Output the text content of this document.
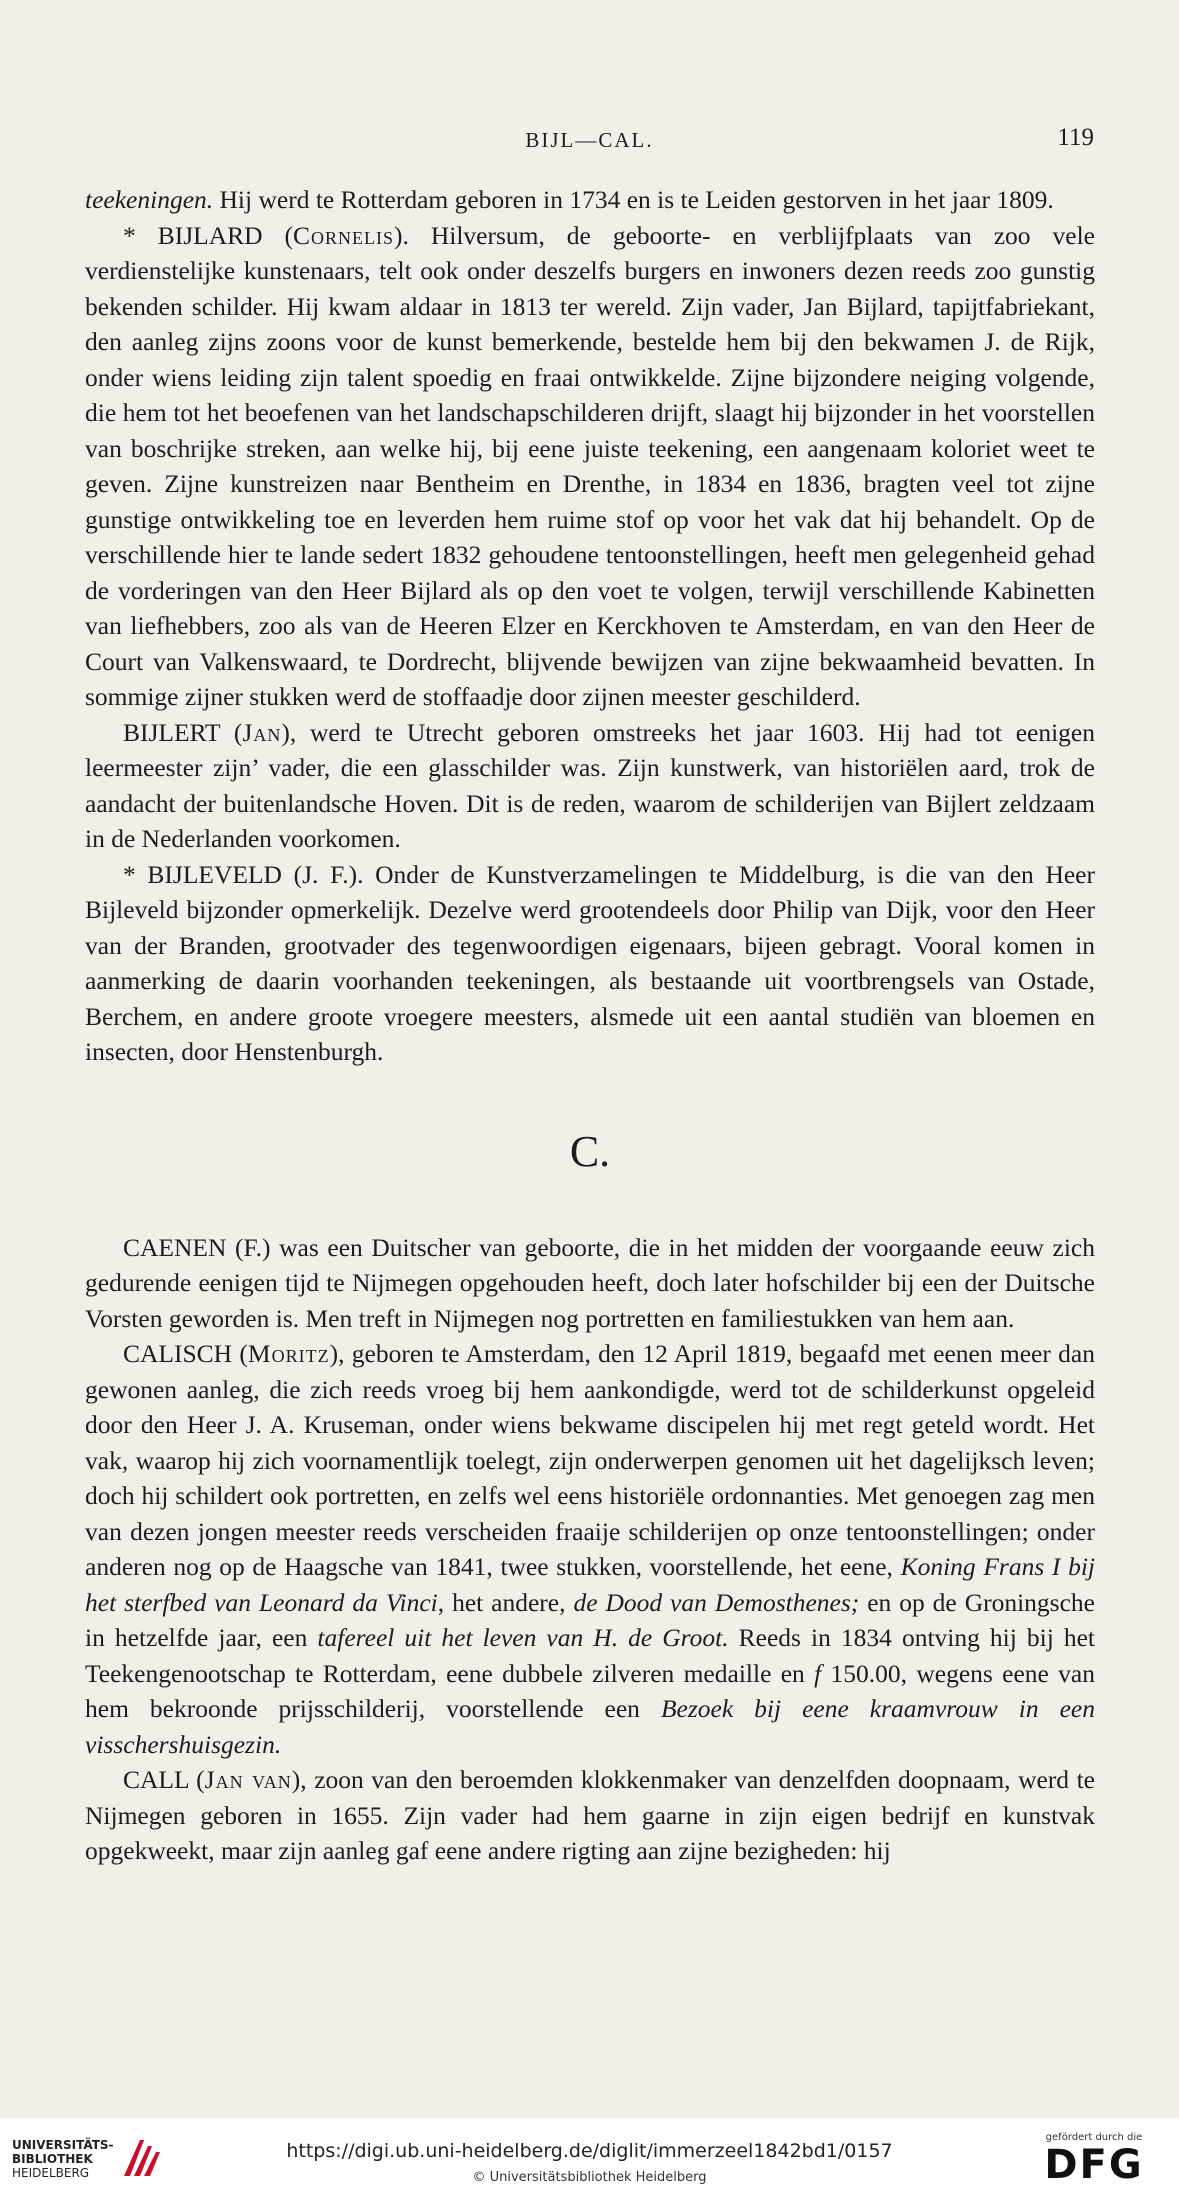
BIJL—CAL.	119

teekeningen. Hij werd te Rotterdam geboren in 1734 en is te Leiden gestorven in het jaar 1809.

* BIJLARD (Cornelis). Hilversum, de geboorte- en verblijfplaats van zoo vele verdienstelijke kunstenaars, telt ook onder deszelfs burgers en inwoners dezen reeds zoo gunstig bekenden schilder. Hij kwam aldaar in 1813 ter wereld. Zijn vader, Jan Bijlard, tapijtfabriekant, den aanleg zijns zoons voor de kunst bemerkende, bestelde hem bij den bekwamen J. de Rijk, onder wiens leiding zijn talent spoedig en fraai ontwikkelde. Zijne bijzondere neiging volgende, die hem tot het beoefenen van het landschapschilderen drijft, slaagt hij bijzonder in het voorstellen van boschrijke streken, aan welke hij, bij eene juiste teekening, een aangenaam koloriet weet te geven. Zijne kunstreizen naar Bentheim en Drenthe, in 1834 en 1836, bragten veel tot zijne gunstige ontwikkeling toe en leverden hem ruime stof op voor het vak dat hij behandelt. Op de verschillende hier te lande sedert 1832 gehoudene tentoonstellingen, heeft men gelegenheid gehad de vorderingen van den Heer Bijlard als op den voet te volgen, terwijl verschillende Kabinetten van liefhebbers, zoo als van de Heeren Elzer en Kerckhoven te Amsterdam, en van den Heer de Court van Valkenswaard, te Dordrecht, blijvende bewijzen van zijne bekwaamheid bevatten. In sommige zijner stukken werd de stoffaadje door zijnen meester geschilderd.

BIJLERT (Jan), werd te Utrecht geboren omstreeks het jaar 1603. Hij had tot eenigen leermeester zijn’ vader, die een glasschilder was. Zijn kunstwerk, van historiëlen aard, trok de aandacht der buitenlandsche Hoven. Dit is de reden, waarom de schilderijen van Bijlert zeldzaam in de Nederlanden voorkomen.

* BIJLEVELD (J. F.). Onder de Kunstverzamelingen te Middelburg, is die van den Heer Bijleveld bijzonder opmerkelijk. Dezelve werd grootendeels door Philip van Dijk, voor den Heer van der Branden, grootvader des tegenwoordigen eigenaars, bijeen gebragt. Vooral komen in aanmerking de daarin voorhanden teekeningen, als bestaande uit voortbrengsels van Ostade, Berchem, en andere groote vroegere meesters, alsmede uit een aantal studiën van bloemen en insecten, door Henstenburgh.

C.

CAENEN (F.) was een Duitscher van geboorte, die in het midden der voorgaande eeuw zich gedurende eenigen tijd te Nijmegen opgehouden heeft, doch later hofschilder bij een der Duitsche Vorsten geworden is. Men treft in Nijmegen nog portretten en familiestukken van hem aan.

CALISCH (Moritz), geboren te Amsterdam, den 12 April 1819, begaafd met eenen meer dan gewonen aanleg, die zich reeds vroeg bij hem aankondigde, werd tot de schilderkunst opgeleid door den Heer J. A. Kruseman, onder wiens bekwame discipelen hij met regt geteld wordt. Het vak, waarop hij zich voornamentlijk toelegt, zijn onderwerpen genomen uit het dagelijksch leven; doch hij schildert ook portretten, en zelfs wel eens historiële ordonnanties. Met genoegen zag men van dezen jongen meester reeds verscheiden fraaije schilderijen op onze tentoonstellingen; onder anderen nog op de Haagsche van 1841, twee stukken, voorstellende, het eene, Koning Frans I bij het sterfbed van Leonard da Vinci, het andere, de Dood van Demosthenes; en op de Groningsche in hetzelfde jaar, een tafereel uit het leven van H. de Groot. Reeds in 1834 ontving hij bij het Teekengenootschap te Rotterdam, eene dubbele zilveren medaille en f 150.00, wegens eene van hem bekroonde prijsschilderij, voorstellende een Bezoek bij eene kraamvrouw in een visschershuisgezin.

CALL (Jan van), zoon van den beroemden klokkenmaker van denzelfden doopnaam, werd te Nijmegen geboren in 1655. Zijn vader had hem gaarne in zijn eigen bedrijf en kunstvak opgekweekt, maar zijn aanleg gaf eene andere rigting aan zijne bezigheden: hij

UNIVERSITÄTS-
BIBLIOTHEK
HEIDELBERG
https://digi.ub.uni-heidelberg.de/diglit/immerzeel1842bd1/0157
© Universitätsbibliothek Heidelberg
gefördert durch die
DFG
